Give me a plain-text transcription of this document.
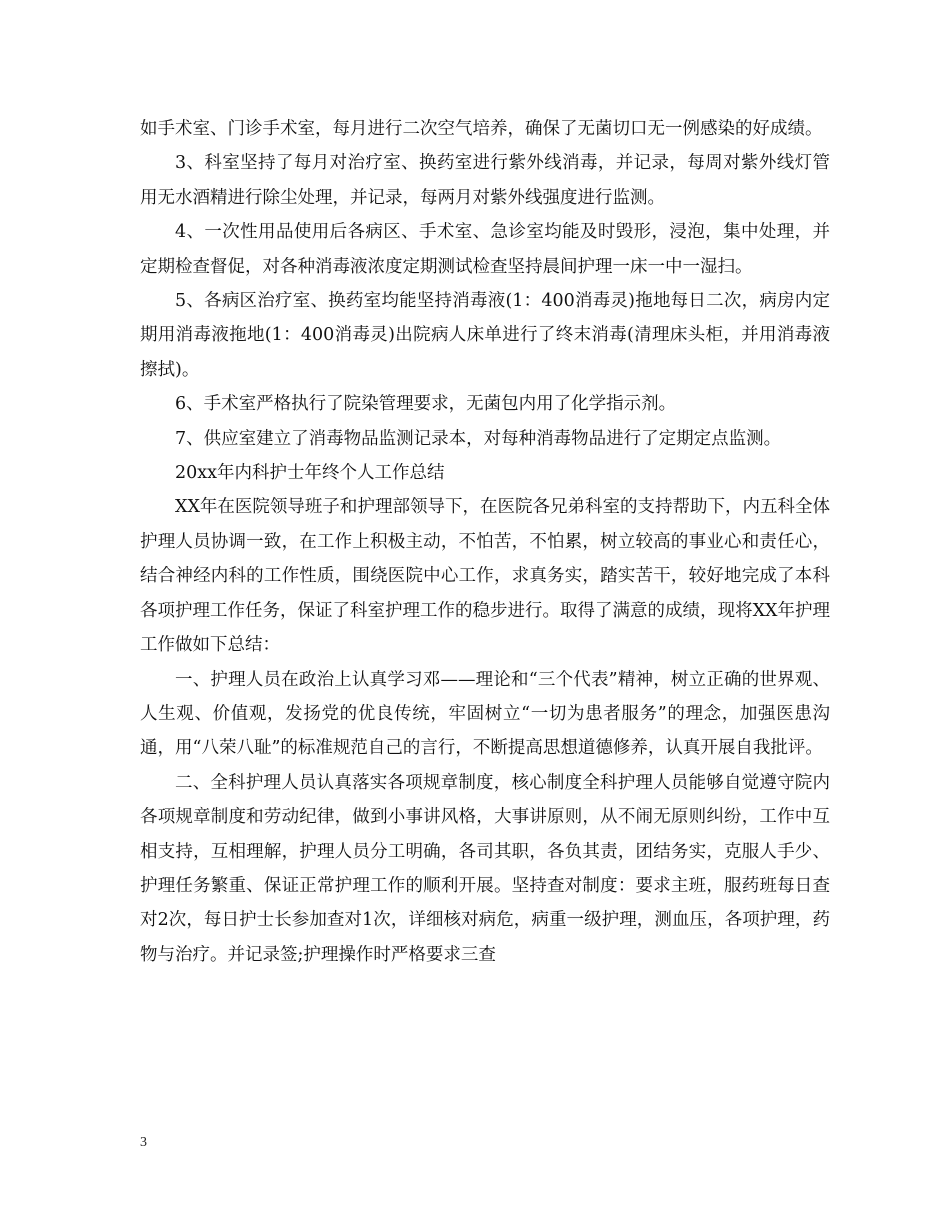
如手术室、门诊手术室，每月进行二次空气培养，确保了无菌切口无一例感染的好成绩。

3、科室坚持了每月对治疗室、换药室进行紫外线消毒，并记录，每周对紫外线灯管用无水酒精进行除尘处理，并记录，每两月对紫外线强度进行监测。

4、一次性用品使用后各病区、手术室、急诊室均能及时毁形，浸泡，集中处理，并定期检查督促，对各种消毒液浓度定期测试检查坚持晨间护理一床一中一湿扫。

5、各病区治疗室、换药室均能坚持消毒液(1：400消毒灵)拖地每日二次，病房内定期用消毒液拖地(1：400消毒灵)出院病人床单进行了终末消毒(清理床头柜，并用消毒液擦拭)。

6、手术室严格执行了院染管理要求，无菌包内用了化学指示剂。

7、供应室建立了消毒物品监测记录本，对每种消毒物品进行了定期定点监测。

20xx年内科护士年终个人工作总结

XX年在医院领导班子和护理部领导下，在医院各兄弟科室的支持帮助下，内五科全体护理人员协调一致，在工作上积极主动，不怕苦，不怕累，树立较高的事业心和责任心，结合神经内科的工作性质，围绕医院中心工作，求真务实，踏实苦干，较好地完成了本科各项护理工作任务，保证了科室护理工作的稳步进行。取得了满意的成绩，现将XX年护理工作做如下总结：

一、护理人员在政治上认真学习邓——理论和“三个代表”精神，树立正确的世界观、人生观、价值观，发扬党的优良传统，牢固树立“一切为患者服务”的理念，加强医患沟通，用“八荣八耻”的标准规范自己的言行，不断提高思想道德修养，认真开展自我批评。

二、全科护理人员认真落实各项规章制度，核心制度全科护理人员能够自觉遵守院内各项规章制度和劳动纪律，做到小事讲风格，大事讲原则，从不闹无原则纠纷，工作中互相支持，互相理解，护理人员分工明确，各司其职，各负其责，团结务实，克服人手少、护理任务繁重、保证正常护理工作的顺利开展。坚持查对制度：要求主班，服药班每日查对2次，每日护士长参加查对1次，详细核对病危，病重一级护理，测血压，各项护理，药物与治疗。并记录签;护理操作时严格要求三查

3
